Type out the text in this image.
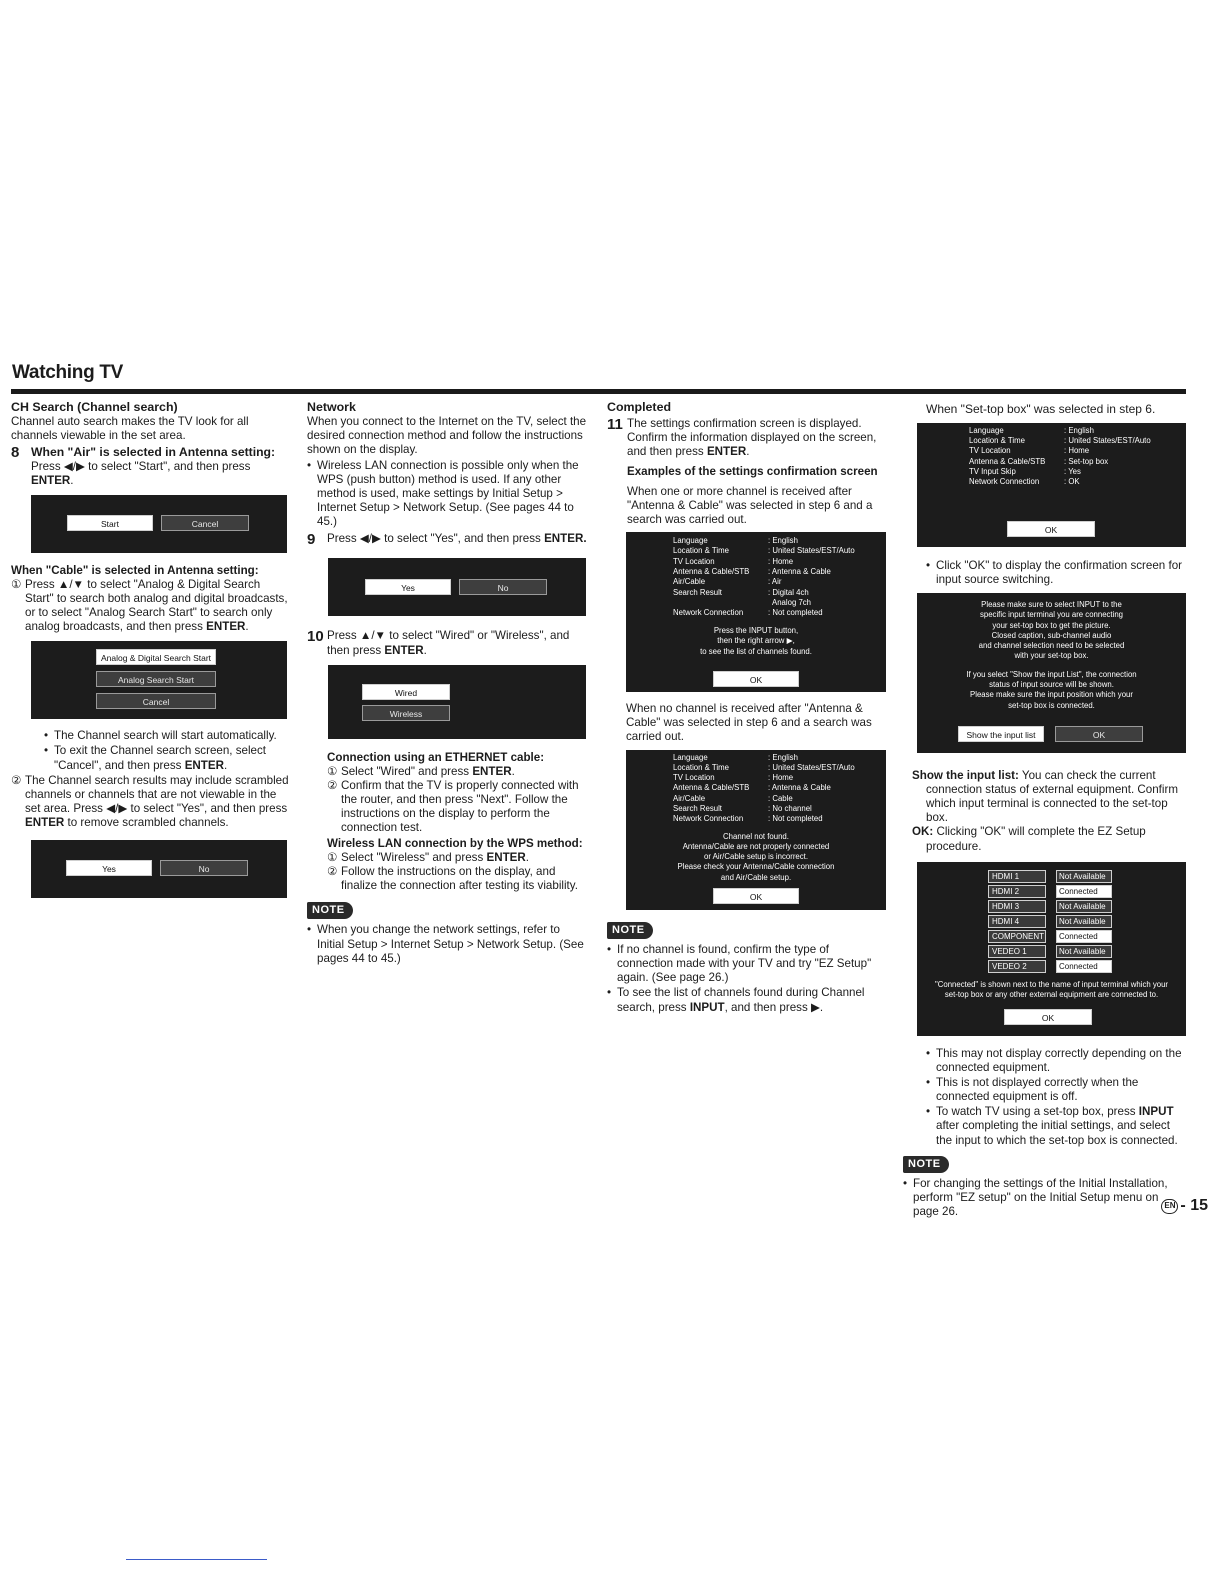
Watching TV
CH Search (Channel search)
Channel auto search makes the TV look for all channels viewable in the set area.
8 When "Air" is selected in Antenna setting:
Press ◀/▶ to select "Start", and then press ENTER.
Start	Cancel
When "Cable" is selected in Antenna setting:
① Press ▲/▼ to select "Analog & Digital Search Start" to search both analog and digital broadcasts, or to select "Analog Search Start" to search only analog broadcasts, and then press ENTER.
Analog & Digital Search Start
Analog Search Start
Cancel
• The Channel search will start automatically.
• To exit the Channel search screen, select "Cancel", and then press ENTER.
② The Channel search results may include scrambled channels or channels that are not viewable in the set area. Press ◀/▶ to select "Yes", and then press ENTER to remove scrambled channels.
Yes	No
Network
When you connect to the Internet on the TV, select the desired connection method and follow the instructions shown on the display.
• Wireless LAN connection is possible only when the WPS (push button) method is used. If any other method is used, make settings by Initial Setup > Internet Setup > Network Setup. (See pages 44 to 45.)
9 Press ◀/▶ to select "Yes", and then press ENTER.
Yes	No
10 Press ▲/▼ to select "Wired" or "Wireless", and then press ENTER.
Wired
Wireless
Connection using an ETHERNET cable:
① Select "Wired" and press ENTER.
② Confirm that the TV is properly connected with the router, and then press "Next". Follow the instructions on the display to perform the connection test.
Wireless LAN connection by the WPS method:
① Select "Wireless" and press ENTER.
② Follow the instructions on the display, and finalize the connection after testing its viability.
NOTE
• When you change the network settings, refer to Initial Setup > Internet Setup > Network Setup. (See pages 44 to 45.)
Completed
11 The settings confirmation screen is displayed. Confirm the information displayed on the screen, and then press ENTER.
Examples of the settings confirmation screen
When one or more channel is received after "Antenna & Cable" was selected in step 6 and a search was carried out.
Language	: English
Location & Time	: United States/EST/Auto
TV Location	: Home
Antenna & Cable/STB	: Antenna & Cable
Air/Cable	: Air
Search Result	: Digital 4ch
Analog 7ch
Network Connection	: Not completed
Press the INPUT button,
then the right arrow ▶,
to see the list of channels found.
OK
When no channel is received after "Antenna & Cable" was selected in step 6 and a search was carried out.
Language	: English
Location & Time	: United States/EST/Auto
TV Location	: Home
Antenna & Cable/STB	: Antenna & Cable
Air/Cable	: Cable
Search Result	: No channel
Network Connection	: Not completed
Channel not found.
Antenna/Cable are not properly connected
or Air/Cable setup is incorrect.
Please check your Antenna/Cable connection
and Air/Cable setup.
OK
NOTE
• If no channel is found, confirm the type of connection made with your TV and try "EZ Setup" again. (See page 26.)
• To see the list of channels found during Channel search, press INPUT, and then press ▶.
When "Set-top box" was selected in step 6.
Language	: English
Location & Time	: United States/EST/Auto
TV Location	: Home
Antenna & Cable/STB	: Set-top box
TV Input Skip	: Yes
Network Connection	: OK
OK
• Click "OK" to display the confirmation screen for input source switching.
Please make sure to select INPUT to the
specific input terminal you are connecting
your set-top box to get the picture.
Closed caption, sub-channel audio
and channel selection need to be selected
with your set-top box.
If you select "Show the input List", the connection
status of input source will be shown.
Please make sure the input position which your
set-top box is connected.
Show the input list	OK
Show the input list: You can check the current connection status of external equipment. Confirm which input terminal is connected to the set-top box.
OK: Clicking "OK" will complete the EZ Setup procedure.
HDMI 1	Not Available
HDMI 2	Connected
HDMI 3	Not Available
HDMI 4	Not Available
COMPONENT	Connected
VEDEO 1	Not Available
VEDEO 2	Connected
"Connected" is shown next to the name of input terminal which your
set-top box or any other external equipment are connected to.
OK
• This may not display correctly depending on the connected equipment.
• This is not displayed correctly when the connected equipment is off.
• To watch TV using a set-top box, press INPUT after completing the initial settings, and select the input to which the set-top box is connected.
NOTE
• For changing the settings of the Initial Installation, perform "EZ setup" on the Initial Setup menu on page 26.	EN - 15
